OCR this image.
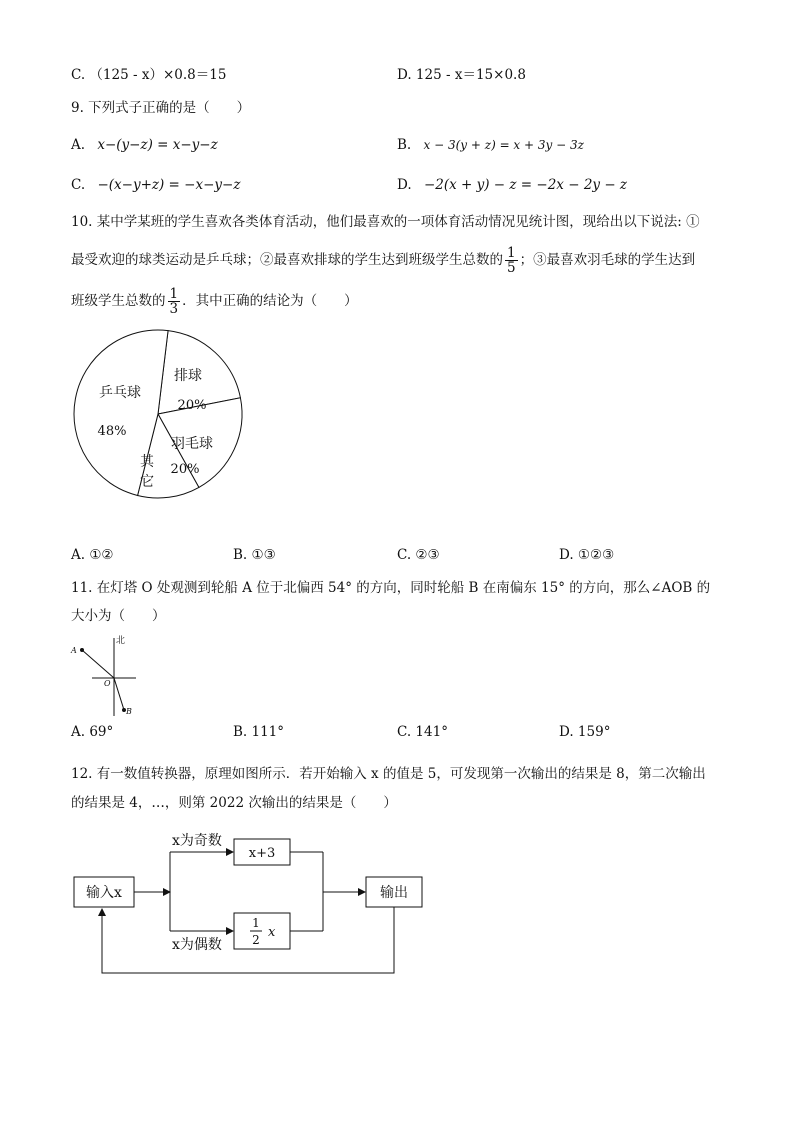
C. （125 - x）×0.8＝15	D. 125 - x＝15×0.8
9. 下列式子正确的是（　　）
A. x−(y−z) = x−y−z	B. x − 3(y + z) = x + 3y − 3z
C. −(x−y+z) = −x−y−z	D. −2(x + y) − z = −2x − 2y − z
10. 某中学某班的学生喜欢各类体育活动，他们最喜欢的一项体育活动情况见统计图，现给出以下说法: ①
最受欢迎的球类运动是乒乓球；②最喜欢排球的学生达到班级学生总数的 $\frac{1}{5}$ ；③最喜欢羽毛球的学生达到
班级学生总数的 $\frac{1}{3}$ ．其中正确的结论为（　　）
乒乓球
48%
排球
20%
羽毛球
20%
其
它
A. ①②	B. ①③	C. ②③	D. ①②③
11. 在灯塔 O 处观测到轮船 A 位于北偏西 54° 的方向，同时轮船 B 在南偏东 15° 的方向，那么∠AOB 的
大小为（　　）
北
A
O
B
A. 69°	B. 111°	C. 141°	D. 159°
12. 有一数值转换器，原理如图所示．若开始输入 x 的值是 5，可发现第一次输出的结果是 8，第二次输出
的结果是 4，…，则第 2022 次输出的结果是（　　）
输入x
x为奇数
x为偶数
x+3
1
2 x
输出
